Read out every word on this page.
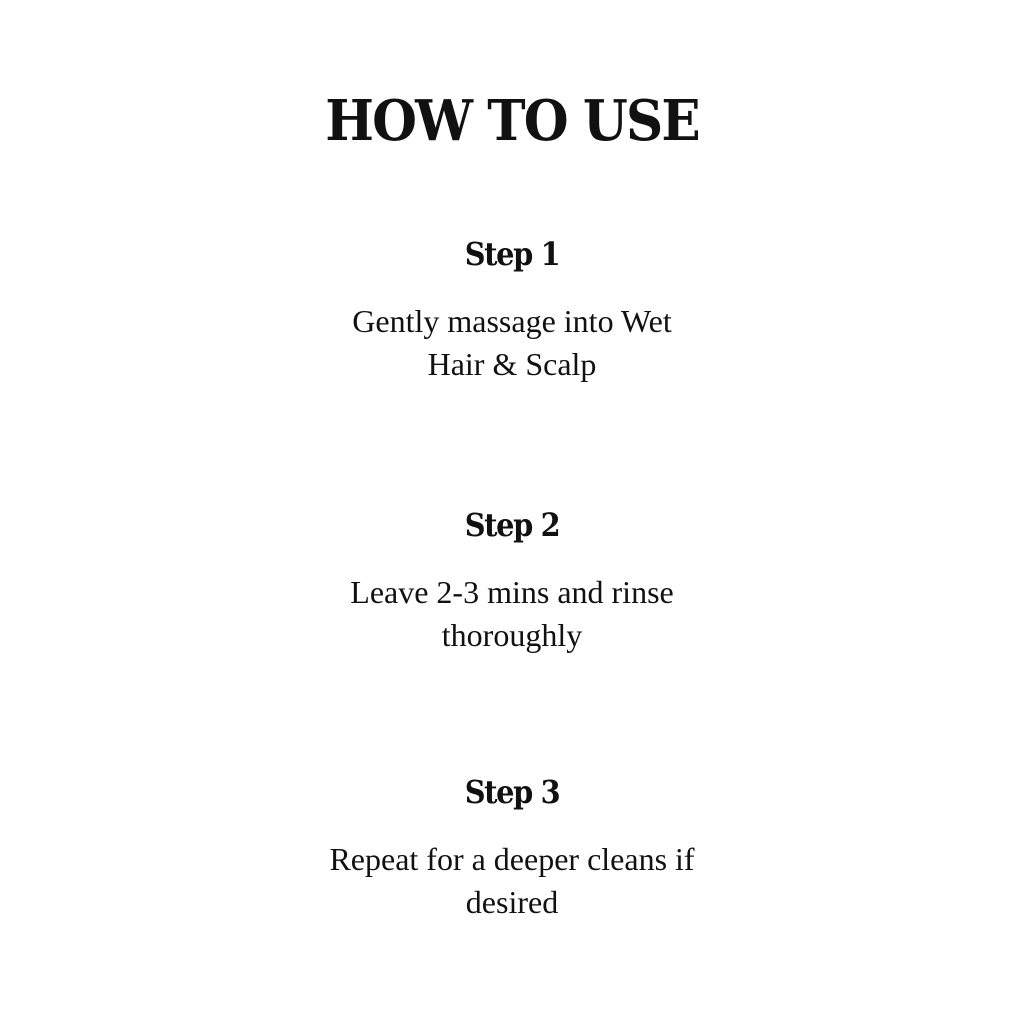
HOW TO USE
Step 1
Gently massage into Wet
Hair & Scalp
Step 2
Leave 2-3 mins and rinse
thoroughly
Step 3
Repeat for a deeper cleans if
desired
